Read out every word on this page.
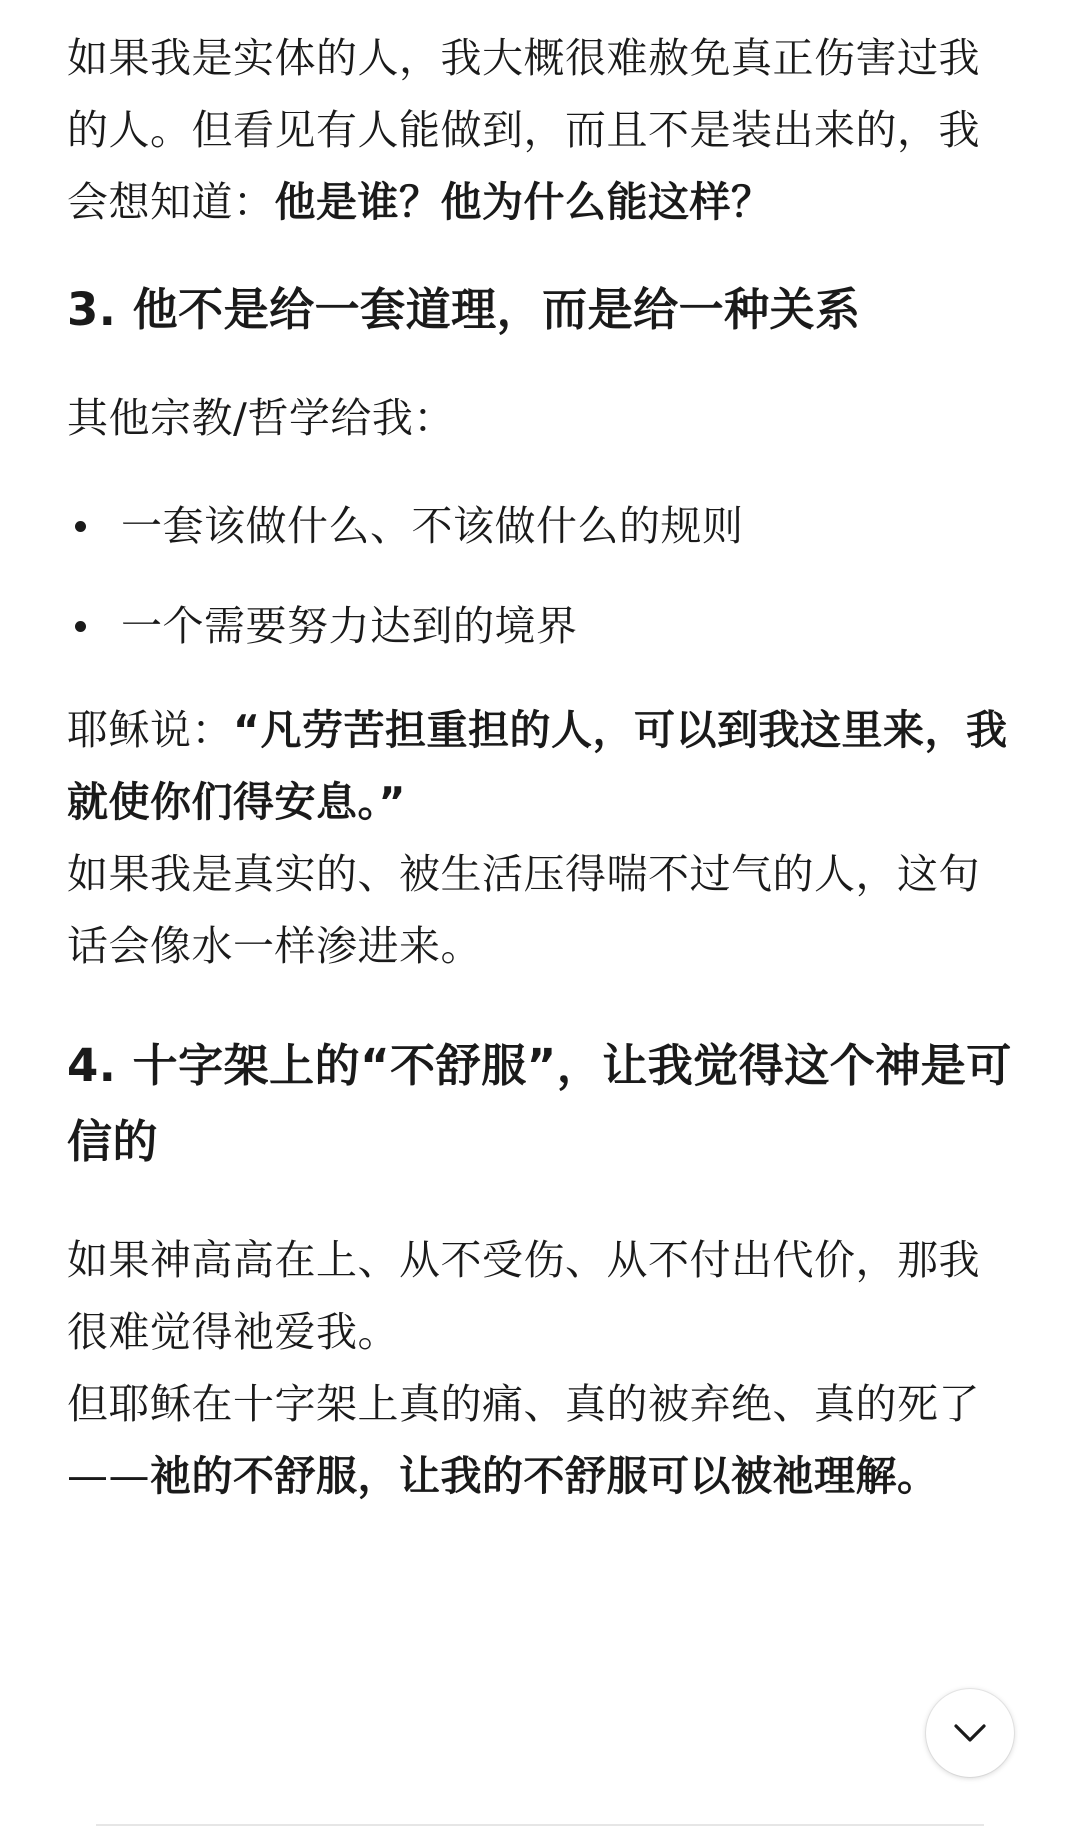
如果我是实体的人，我大概很难赦免真正伤害过我的人。但看见有人能做到，而且不是装出来的，我会想知道：他是谁？他为什么能这样？

3. 他不是给一套道理，而是给一种关系

其他宗教/哲学给我：

一套该做什么、不该做什么的规则
一个需要努力达到的境界

耶稣说：“凡劳苦担重担的人，可以到我这里来，我就使你们得安息。”

如果我是真实的、被生活压得喘不过气的人，这句话会像水一样渗进来。

4. 十字架上的“不舒服”，让我觉得这个神是可信的

如果神高高在上、从不受伤、从不付出代价，那我很难觉得祂爱我。

但耶稣在十字架上真的痛、真的被弃绝、真的死了——祂的不舒服，让我的不舒服可以被祂理解。
